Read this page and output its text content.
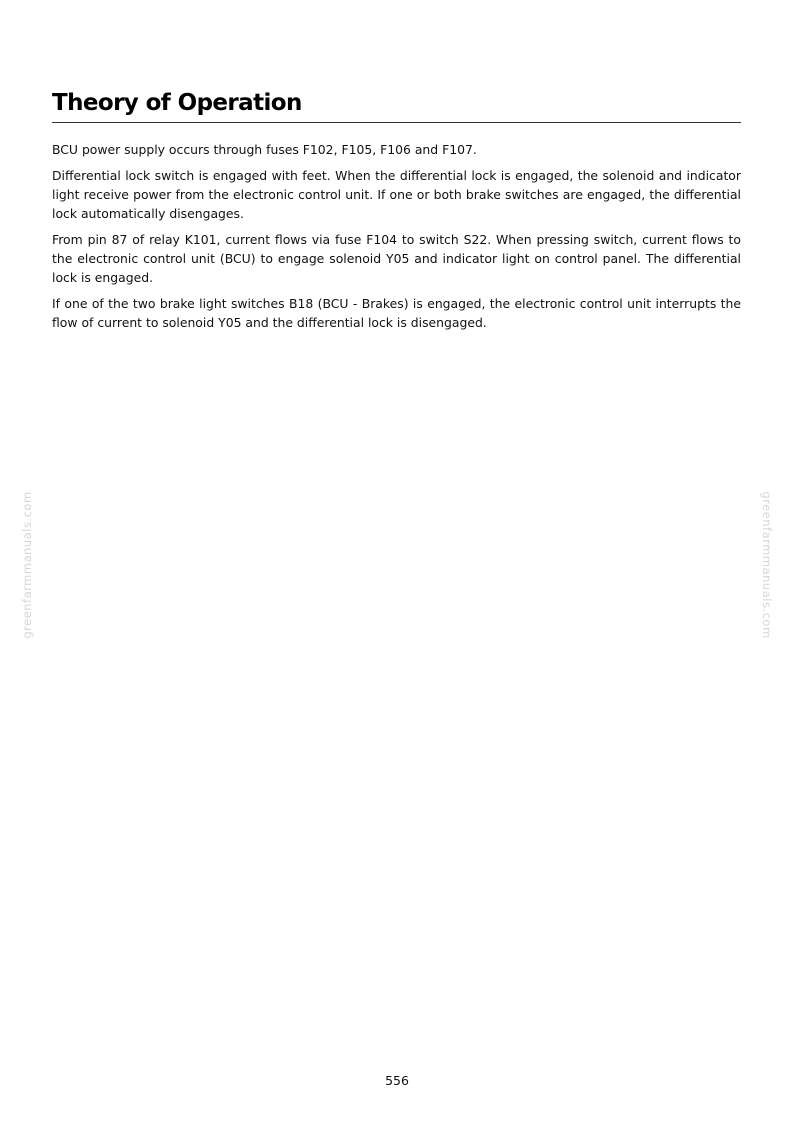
Theory of Operation

BCU power supply occurs through fuses F102, F105, F106 and F107.

Differential lock switch is engaged with feet. When the differential lock is engaged, the solenoid and indicator light receive power from the electronic control unit. If one or both brake switches are engaged, the differential lock automatically disengages.

From pin 87 of relay K101, current flows via fuse F104 to switch S22. When pressing switch, current flows to the electronic control unit (BCU) to engage solenoid Y05 and indicator light on control panel. The differential lock is engaged.

If one of the two brake light switches B18 (BCU - Brakes) is engaged, the electronic control unit interrupts the flow of current to solenoid Y05 and the differential lock is disengaged.

greenfarmmanuals.com	greenfarmmanuals.com
556
